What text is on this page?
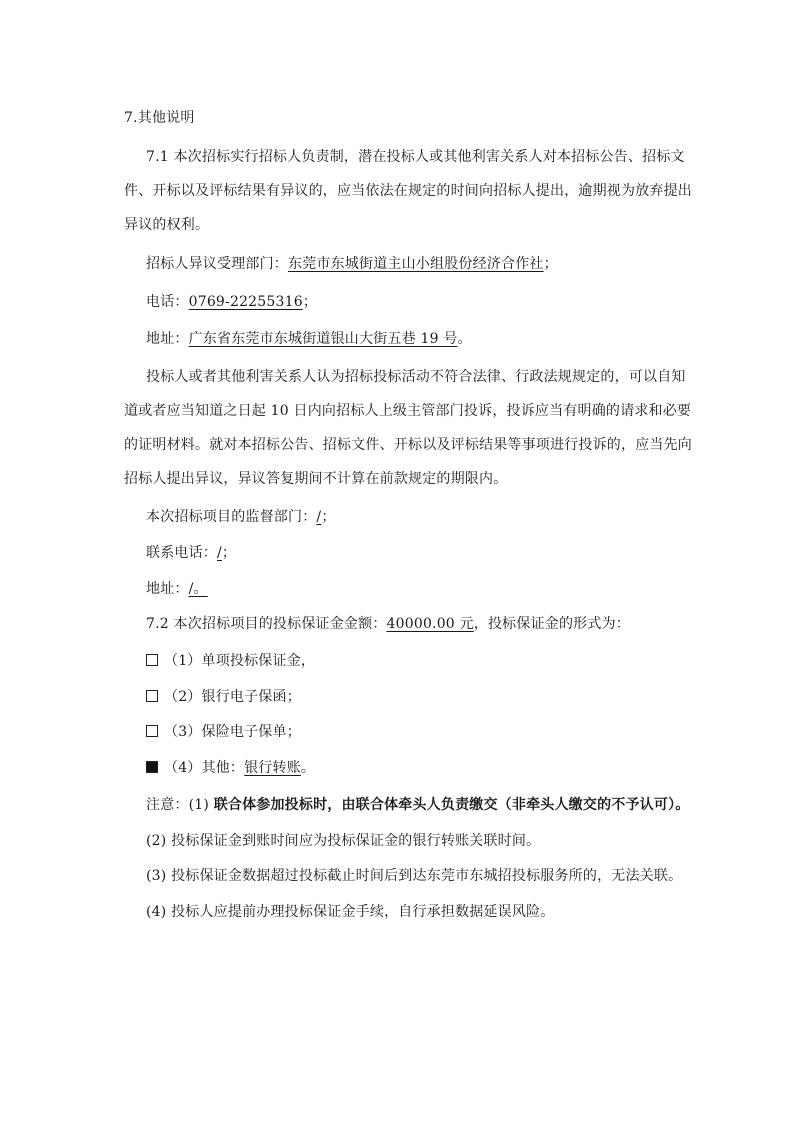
7.其他说明
7.1 本次招标实行招标人负责制，潜在投标人或其他利害关系人对本招标公告、招标文
件、开标以及评标结果有异议的，应当依法在规定的时间向招标人提出，逾期视为放弃提出
异议的权利。
招标人异议受理部门：东莞市东城街道主山小组股份经济合作社；
电话：0769-22255316；
地址：广东省东莞市东城街道银山大街五巷 19 号。
投标人或者其他利害关系人认为招标投标活动不符合法律、行政法规规定的，可以自知
道或者应当知道之日起 10 日内向招标人上级主管部门投诉，投诉应当有明确的请求和必要
的证明材料。就对本招标公告、招标文件、开标以及评标结果等事项进行投诉的，应当先向
招标人提出异议，异议答复期间不计算在前款规定的期限内。
本次招标项目的监督部门：/；
联系电话：/；
地址：/。
7.2 本次招标项目的投标保证金金额：40000.00 元，投标保证金的形式为：
（1）单项投标保证金，
（2）银行电子保函；
（3）保险电子保单；
（4）其他：银行转账。
注意：(1) 联合体参加投标时，由联合体牵头人负责缴交（非牵头人缴交的不予认可）。
(2) 投标保证金到账时间应为投标保证金的银行转账关联时间。
(3) 投标保证金数据超过投标截止时间后到达东莞市东城招投标服务所的，无法关联。
(4) 投标人应提前办理投标保证金手续，自行承担数据延误风险。
